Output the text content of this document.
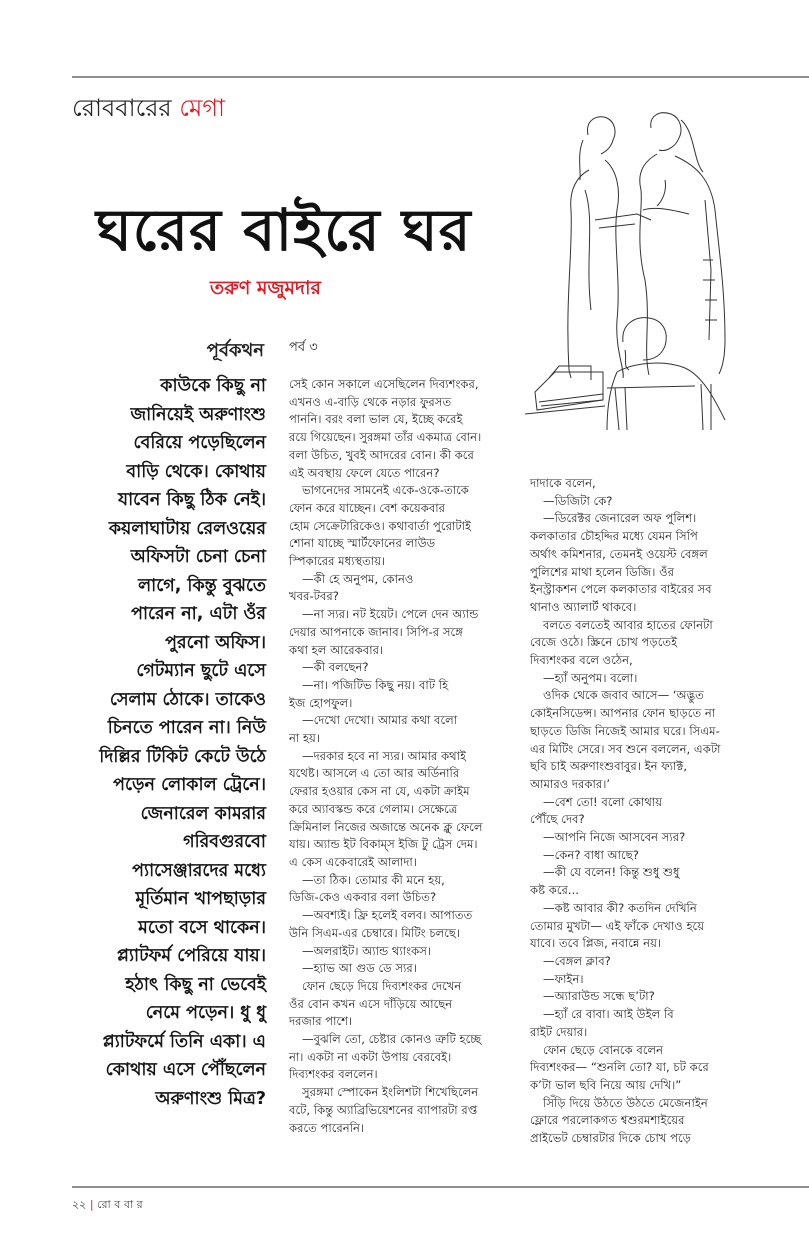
রোববারের মেগা
ঘরের বাইরে ঘর
তরুণ মজুমদার
পূর্বকথন
কাউকে কিছু না
জানিয়েই অরুণাংশু
বেরিয়ে পড়েছিলেন
বাড়ি থেকে। কোথায়
যাবেন কিছু ঠিক নেই।
কয়লাঘাটায় রেলওয়ের
অফিসটা চেনা চেনা
লাগে, কিন্তু বুঝতে
পারেন না, এটা ওঁর
পুরনো অফিস।
গেটম্যান ছুটে এসে
সেলাম ঠোকে। তাকেও
চিনতে পারেন না। নিউ
দিল্লির টিকিট কেটে উঠে
পড়েন লোকাল ট্রেনে।
জেনারেল কামরার
গরিবগুরবো
প্যাসেঞ্জারদের মধ্যে
মূর্তিমান খাপছাড়ার
মতো বসে থাকেন।
প্ল্যাটফর্ম পেরিয়ে যায়।
হঠাৎ কিছু না ভেবেই
নেমে পড়েন। ধু ধু
প্ল্যাটফর্মে তিনি একা। এ
কোথায় এসে পৌঁছলেন
অরুণাংশু মিত্র?
পর্ব ৩

সেই কোন সকালে এসেছিলেন দিব্যশংকর,

এখনও এ-বাড়ি থেকে নড়ার ফুরসত

পাননি। বরং বলা ভাল যে, ইচ্ছে করেই

রয়ে গিয়েছেন। সুরঙ্গমা তাঁর একমাত্র বোন।

বলা উচিত, খুবই আদরের বোন। কী করে

এই অবস্থায় ফেলে যেতে পারেন?

ভাগনেদের সামনেই একে-ওকে-তাকে

ফোন করে যাচ্ছেন। বেশ কয়েকবার

হোম সেক্রেটারিকেও। কথাবার্তা পুরোটাই

শোনা যাচ্ছে স্মার্টফোনের লাউড

স্পিকারের মধ্যস্থতায়।

—কী হে অনুপম, কোনও

খবর-টবর?

—না স্যর। নট ইয়েট। পেলে দেন অ্যান্ড

দেয়ার আপনাকে জানাব। সিপি-র সঙ্গে

কথা হল আরেকবার।

—কী বলছেন?

—না। পজিটিভ কিছু নয়। বাট হি

ইজ হোপফুল।

—দেখো দেখো। আমার কথা বলো

না হয়।

—দরকার হবে না স্যর। আমার কথাই

যথেষ্ট। আসলে এ তো আর অর্ডিনারি

ফেরার হওয়ার কেস না যে, একটা ক্রাইম

করে অ্যাবস্কন্ড করে গেলাম। সেক্ষেত্রে

ক্রিমিনাল নিজের অজান্তে অনেক ক্লু ফেলে

যায়। অ্যান্ড ইট বিকাম্‌স ইজি টু ট্রেস দেম।

এ কেস একেবারেই আলাদা।

—তা ঠিক। তোমার কী মনে হয়,

ডিজি-কেও একবার বলা উচিত?

—অবশ্যই। ফ্রি হলেই বলব। আপাতত

উনি সিএম-এর চেম্বারে। মিটিং চলছে।

—অলরাইট। অ্যান্ড থ্যাংকস।

—হ্যাভ আ গুড ডে স্যর।

ফোন ছেড়ে দিয়ে দিব্যশংকর দেখেন

ওঁর বোন কখন এসে দাঁড়িয়ে আছেন

দরজার পাশে।

—বুঝলি তো, চেষ্টার কোনও ত্রুটি হচ্ছে

না। একটা না একটা উপায় বেরবেই।

দিব্যশংকর বললেন।

সুরঙ্গমা স্পোকেন ইংলিশটা শিখেছিলেন

বটে, কিন্তু অ্যাব্রিভিয়েশনের ব্যাপারটা রপ্ত

করতে পারেননি।

দাদাকে বলেন,

—ডিজিটা কে?

—ডিরেক্টর জেনারেল অফ পুলিশ।

কলকাতার চৌহদ্দির মধ্যে যেমন সিপি

অর্থাৎ কমিশনার, তেমনই ওয়েস্ট বেঙ্গল

পুলিশের মাথা হলেন ডিজি। ওঁর

ইনস্ট্রাকশন পেলে কলকাতার বাইরের সব

থানাও অ্যালার্ট থাকবে।

বলতে বলতেই আবার হাতের ফোনটা

বেজে ওঠে। স্ক্রিনে চোখ পড়তেই

দিব্যশংকর বলে ওঠেন,

—হ্যাঁ অনুপম। বলো।

ওদিক থেকে জবাব আসে— ‘অদ্ভুত

কোইনসিডেন্স। আপনার ফোন ছাড়তে না

ছাড়তে ডিজি নিজেই আমার ঘরে। সিএম-

এর মিটিং সেরে। সব শুনে বললেন, একটা

ছবি চাই অরুণাংশুবাবুর। ইন ফ্যাক্ট,

আমারও দরকার।’

—বেশ তো! বলো কোথায়

পৌঁছে দেব?

—আপনি নিজে আসবেন স্যর?

—কেন? বাধা আছে?

—কী যে বলেন! কিন্তু শুধু শুধু

কষ্ট করে...

—কষ্ট আবার কী? কতদিন দেখিনি

তোমার মুখটা— এই ফাঁকে দেখাও হয়ে

যাবে। তবে প্লিজ, নবান্নে নয়।

—বেঙ্গল ক্লাব?

—ফাইন।

—অ্যারাউন্ড সন্ধে ছ’টা?

—হ্যাঁ রে বাবা। আই উইল বি

রাইট দেয়ার।

ফোন ছেড়ে বোনকে বলেন

দিব্যশংকর— “শুনলি তো? যা, চট করে

ক’টা ভাল ছবি নিয়ে আয় দেখি।”

সিঁড়ি দিয়ে উঠতে উঠতে মেজেনাইন

ফ্লোরে পরলোকগত শ্বশুরমশাইয়ের

প্রাইভেট চেম্বারটার দিকে চোখ পড়ে

২২ | রো ব বা র
